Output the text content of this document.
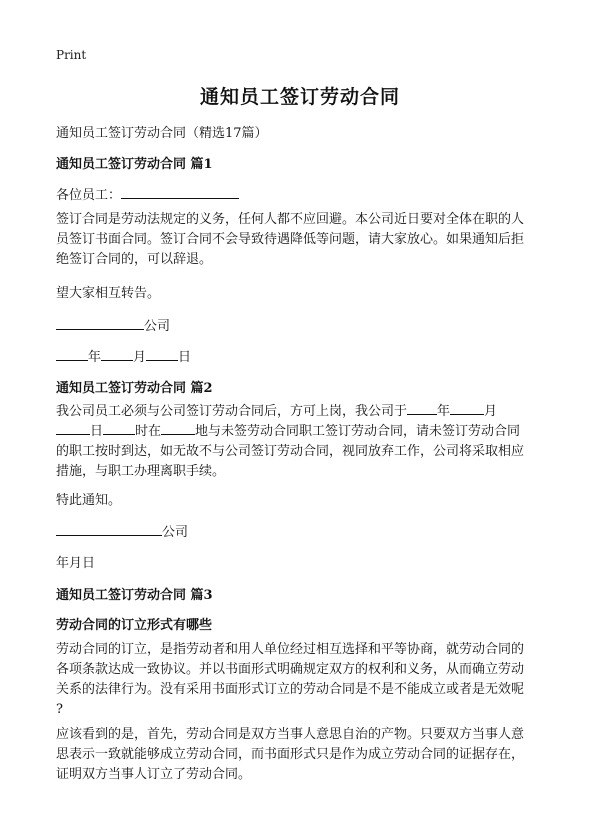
Print
通知员工签订劳动合同
通知员工签订劳动合同（精选17篇）
通知员工签订劳动合同 篇1
各位员工：
签订合同是劳动法规定的义务，任何人都不应回避。本公司近日要对全体在职的人
员签订书面合同。签订合同不会导致待遇降低等问题，请大家放心。如果通知后拒
绝签订合同的，可以辞退。
望大家相互转告。
公司
年 月 日
通知员工签订劳动合同 篇2
我公司员工必须与公司签订劳动合同后，方可上岗，我公司于 年	月
日 时在	地与未签劳动合同职工签订劳动合同，请未签订劳动合同
的职工按时到达，如无故不与公司签订劳动合同，视同放弃工作，公司将采取相应
措施，与职工办理离职手续。
特此通知。
公司
年月日
通知员工签订劳动合同 篇3
劳动合同的订立形式有哪些
劳动合同的订立，是指劳动者和用人单位经过相互选择和平等协商，就劳动合同的
各项条款达成一致协议。并以书面形式明确规定双方的权利和义务，从而确立劳动
关系的法律行为。没有采用书面形式订立的劳动合同是不是不能成立或者是无效呢
?
应该看到的是，首先，劳动合同是双方当事人意思自治的产物。只要双方当事人意
思表示一致就能够成立劳动合同，而书面形式只是作为成立劳动合同的证据存在，
证明双方当事人订立了劳动合同。
